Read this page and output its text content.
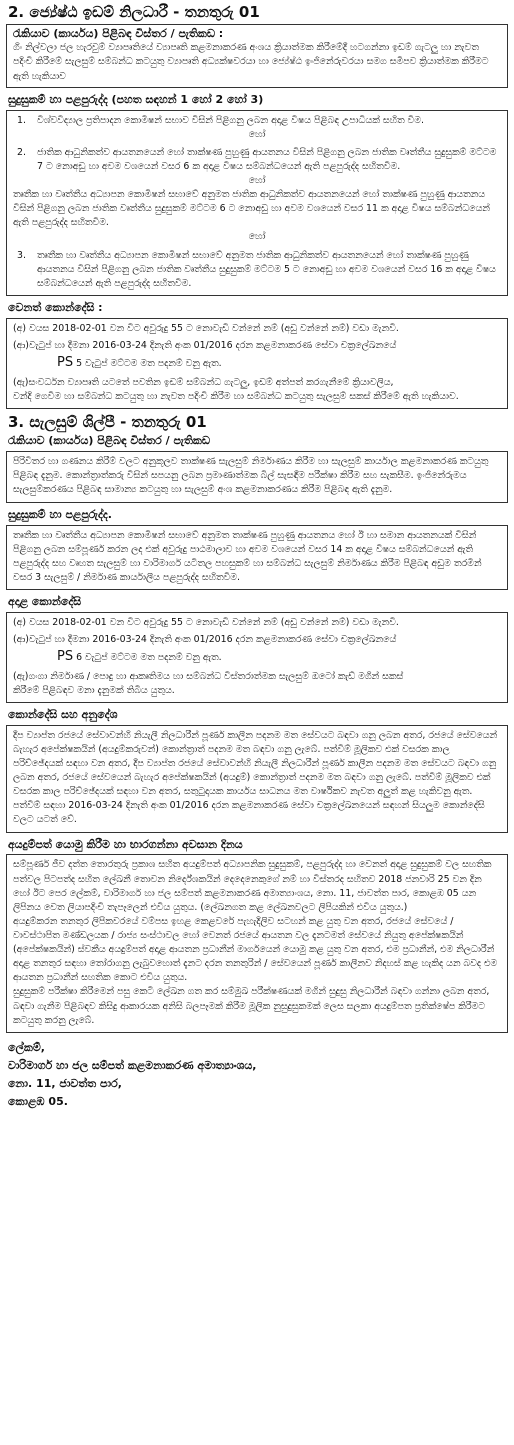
2. ජ්‍යේෂ්ඨ ඉඩම් නිලධාරී - තනතුරු 01

රැකියාව (කාර්යය) පිළිබඳ විස්තර / පැතිකඩ :

ගිං නිල්වලා ජල හැරවුම් ව්‍යාපෘතියේ ව්‍යාපෘති කළමනාකරණ අංශය ක්‍රියාත්මක කිරීමේදී හටගන්නා ඉඩම් ගැටලු හා නැවත පදිංචි කිරීමේ සැලසුම් සම්බන්ධ කටයුතු ව්‍යාපෘති අධ්‍යක්ෂවරයා හා ජ්‍යේෂ්ඨ ඉංජිනේරුවරයා සමග සමීපව ක්‍රියාත්මක කිරීමට ඇති හැකියාව

සුදුසුකම් හා පළපුරුද්ද (පහත සඳහන් 1 හෝ 2 හෝ 3)

1.	විශ්වවිද්‍යාල ප්‍රතිපාදන කොමිෂන් සභාව විසින් පිළිගනු ලබන අදාළ විෂය පිළිබඳ උපාධියක් සහිත වීම.

හෝ

2.	ජාතික ආධුනිකත්ව ආයතනයෙන් හෝ තාක්ෂණ පුහුණු ආයතනය විසින් පිළිගනු ලබන ජාතික වෘත්තීය සුදුසුකම් මට්ටම 7 ට නොඅඩු හා අවම වශයෙන් වසර 6 ක අදාළ විෂය සම්බන්ධයෙන් ඇති පළපුරුද්ද සහිතවීම.

හෝ

තෘතීක හා වෘත්තීය අධ්‍යාපන කොමිෂන් සභාවේ අනුමත ජාතික ආධුනිකත්ව ආයතනයෙන් හෝ තාක්ෂණ පුහුණු ආයතනය විසින් පිළිගනු ලබන ජාතික වෘත්තීය සුදුසුකම් මට්ටම 6 ට නොඅඩු හා අවම වශයෙන් වසර 11 ක අදාළ විෂය සම්බන්ධයෙන් ඇති පළපුරුද්ද සහිතවීම.

හෝ

3.	තෘතීක හා වෘත්තීය අධ්‍යාපන කොමිෂන් සභාවේ අනුමත ජාතික ආධුනිකත්ව ආයතනයෙන් හෝ තාක්ෂණ පුහුණු ආයතනය විසින් පිළිගනු ලබන ජාතික වෘත්තීය සුදුසුකම් මට්ටම 5 ට නොඅඩු හා අවම වශයෙන් වසර 16 ක අදාළ විෂය සම්බන්ධයෙන් ඇති පළපුරුද්ද සහිතවීම.

වෙනත් කොන්දේසි :

(අ) වයස 2018-02-01 වන විට අවුරුදු 55 ට නොවැඩි වන්නේ නම් (අඩු වන්නේ නම්) වඩා මැනවි.
(ආ)වැටුප් හා දීමනා 2016-03-24 දිනැති අංක 01/2016 දරන කළමනාකරණ සේවා චක්‍රලේඛනයේ
PS 5 වැටුප් මට්ටම මත පදනම් වනු ඇත.
(ඇ)සංවර්ධන ව්‍යාපෘති යටතේ පවතින ඉඩම් සම්බන්ධ ගැටලු, ඉඩම් අත්පත් කරගැනීමේ ක්‍රියාවලිය,
වන්දි ගෙවීම හා සම්බන්ධ කටයුතු හා නැවත පදිංචි කිරීම හා සම්බන්ධ කටයුතු සැලසුම් සකස් කිරීමේ ඇති හැකියාව.
3. සැලසුම් ශිල්පී - තනතුරු 01

රැකියාව (කාර්යය) පිළිබඳ විස්තර / පැතිකඩ

පිරිවිතර හා ගණනය කිරීම් වලට අනුකූලව තාක්ෂණ සැලසුම් නිර්මාණය කිරීම හා සැලසුම් කාර්යාල කළමනාකරණ කටයුතු පිළිබඳ දැනුම. කොන්ත්‍රාත්කරු විසින් සපයනු ලබන ප්‍රමාණාත්මක බිල් සැසඳීම පරීක්ෂා කිරීම සහ සැකසීම. ඉංජිනේරුමය සැලසුම්කරණය පිළිබඳ සාමාන්‍ය කටයුතු හා සැලසුම් අංශ කළමනාකරණය කිරීම පිළිබඳ ඇති දැනුම.

සුදුසුකම් හා පළපුරුද්ද.

තෘතීක හා වෘත්තීය අධ්‍යාපන කොමිෂන් සභාවේ අනුමත තාක්ෂණ පුහුණු ආයතනය හෝ ඊ හා සමාන ආයතනයක් විසින් පිළිගනු ලබන සම්පූර්ණ කරන ලද එක් අවුරුදු පාඨමාලාව හා අවම වශයෙන් වසර 14 ක අදාළ විෂය සම්බන්ධයෙන් ඇති පළපුරුද්ද සහ වෘහත සැලසුම් හා වාරිමාර්ග යටිතල පහසුකම් හා සම්බන්ධ සැලසුම් නිර්මාණය කිරීම පිළිබඳ අඩුම තරමින් වසර 3 සැලසුම් / නිර්මාණ කාර්යාලීය පළපුරුද්ද සහිතවීම.

අදාළ කොන්දේසි

(අ) වයස 2018-02-01 වන විට අවුරුදු 55 ට නොවැඩි වන්නේ නම් (අඩු වන්නේ නම්) වඩා මැනවි.
(ආ)වැටුප් හා දීමනා 2016-03-24 දිනැති අංක 01/2016 දරන කළමනාකරණ සේවා චක්‍රලේඛනයේ
PS 6 වැටුප් මට්ටම මත පදනම් වනු ඇත.
(ඇ)ගංගා නිර්මාණ / පොදු හා ආකෘතිමය හා සම්බන්ධ විස්තරාත්මක සැලසුම් ඔටෝ කැඩ් මගින් සකස්
කිරීමේ පිළිබඳව මනා දැනුමක් තිබිය යුතුය.

කොන්දේසි සහ අනුදේශ

දීප ව්‍යාප්ත රජයේ සේවාවන්හි නියැලී නිලධාරීන් පූර්ණ කාලීන පදනම මත සේවයට බඳවා ගනු ලබන අතර, රජයේ සේවයෙන් බැහැර අපේක්ෂකයින් (අයදුම්කරුවන්) කොන්ත්‍රාත් පදනම මත බඳවා ගනු ලැබේ. පත්වීම් මූලිකව එක් වසරක කාල පරිච්ඡේදයක් සඳහා වන අතර, දීප ව්‍යාප්ත රජයේ සේවාවන්හි නියැලී නිලධාරීන් පූර්ණ කාලීන පදනම මත සේවයට බඳවා ගනු ලබන අතර, රජයේ සේවයෙන් බැහැර අපේක්ෂකයින් (අයදුම්) කොන්ත්‍රාත් පදනම මත බඳවා ගනු ලැබේ. පත්වීම් මූලිකව එක් වසරක කාල පරිච්ඡේදයක් සඳහා වන අතර, සතුටුදායක කාර්යය සාධනය මත වාර්ෂිකව නැවත අලුත් කළ හැකිවනු ඇත. පත්වීම් සඳහා 2016-03-24 දිනැති අංක 01/2016 දරන කළමනාකරණ සේවා චක්‍රලේඛනයෙන් සඳහන් සියලුම කොන්දේසි වලට යටත් වේ.

අයදුම්පත් යොමු කිරීම හා භාරගන්නා අවසාන දිනය

සම්පූර්ණ ජීව දත්ත තොරතුරු ප්‍රකාශ සහිත අයදුම්පත් අධ්‍යාපනික සුදුසුකම්, පළපුරුද්ද හා වෙනත් අදාළ සුදුසුකම් වල සහතික පත්වල පිටපත්ද සහිත ලේඛනී තොවන නිර්දේශකයින් දෙදෙනෙකුගේ නම් හා විස්තරද සහිතව 2018 ජනවාරි 25 වන දින හෝ ඊට පෙර ලේකම්, වාරිමාර්ග හා ජල සම්පත් කළමනාකරණ අමාත්‍යාංශය, නො. 11, ජාවත්ත පාර, කොළඹ 05 යන ලිපිනය වෙත ලියාපදිංචි තැපෑලෙන් එවිය යුතුය. (ලේඛනගත කළ ලේඛනවලට ලිපියකින් එවිය යුතුය.)

අයදුම්කරන තනතුර ලිපිකවරයේ වම්පස ඉහළ කෙළවරේ පැහැදිලිව සටහන් කළ යුතු වන අතර, රජයේ සේවයේ / වාවස්ථාපිත මණ්ඩලයක / රාජ්‍ය සංස්ථාවල හෝ වෙනත් රජයේ ආයතන වල දැනටමත් සේවයේ නියුතු අපේක්ෂකයින් (අපේක්ෂකයින්) ස්වකීය අයදුම්පත් අදාළ ආයතන ප්‍රධානීන් මාර්ගයෙන් යොමු කළ යුතු වන අතර, එම ප්‍රධානීන්, එම නිලධාරීන් අදාළ තනතුර සඳහා තෝරාගනු ලැබුවහොත් දැනට දරන තනතුරින් / සේවයෙන් පූර්ණ කාලීනව නිදහස් කළ හැකිද යන බවද එම ආයතන ප්‍රධානීන් සහතික කොට එවිය යුතුය.

සුදුසුකම් පරීක්ෂා කිරීමෙන් පසු කෙටි ලේඛන ගත කර සම්මුඛ පරීක්ෂණයක් මගින් සුදුසු නිලධාරීන් බඳවා ගන්නා ලබන අතර, බඳවා ගැනීම පිළිබඳව කිසිදු ආකාරයක අනිසි බලපෑමක් කිරීම මූලික නුසුදුසුකමක් ලෙස සලකා අයදුම්පත ප්‍රතික්ෂේප කිරීමට කටයුතු කරනු ලැබේ.

ලේකම්,
වාරිමාර්ග හා ජල සම්පත් කළමනාකරණ අමාත්‍යාංශය,
නො. 11, ජාවත්ත පාර,
කොළඹ 05.
